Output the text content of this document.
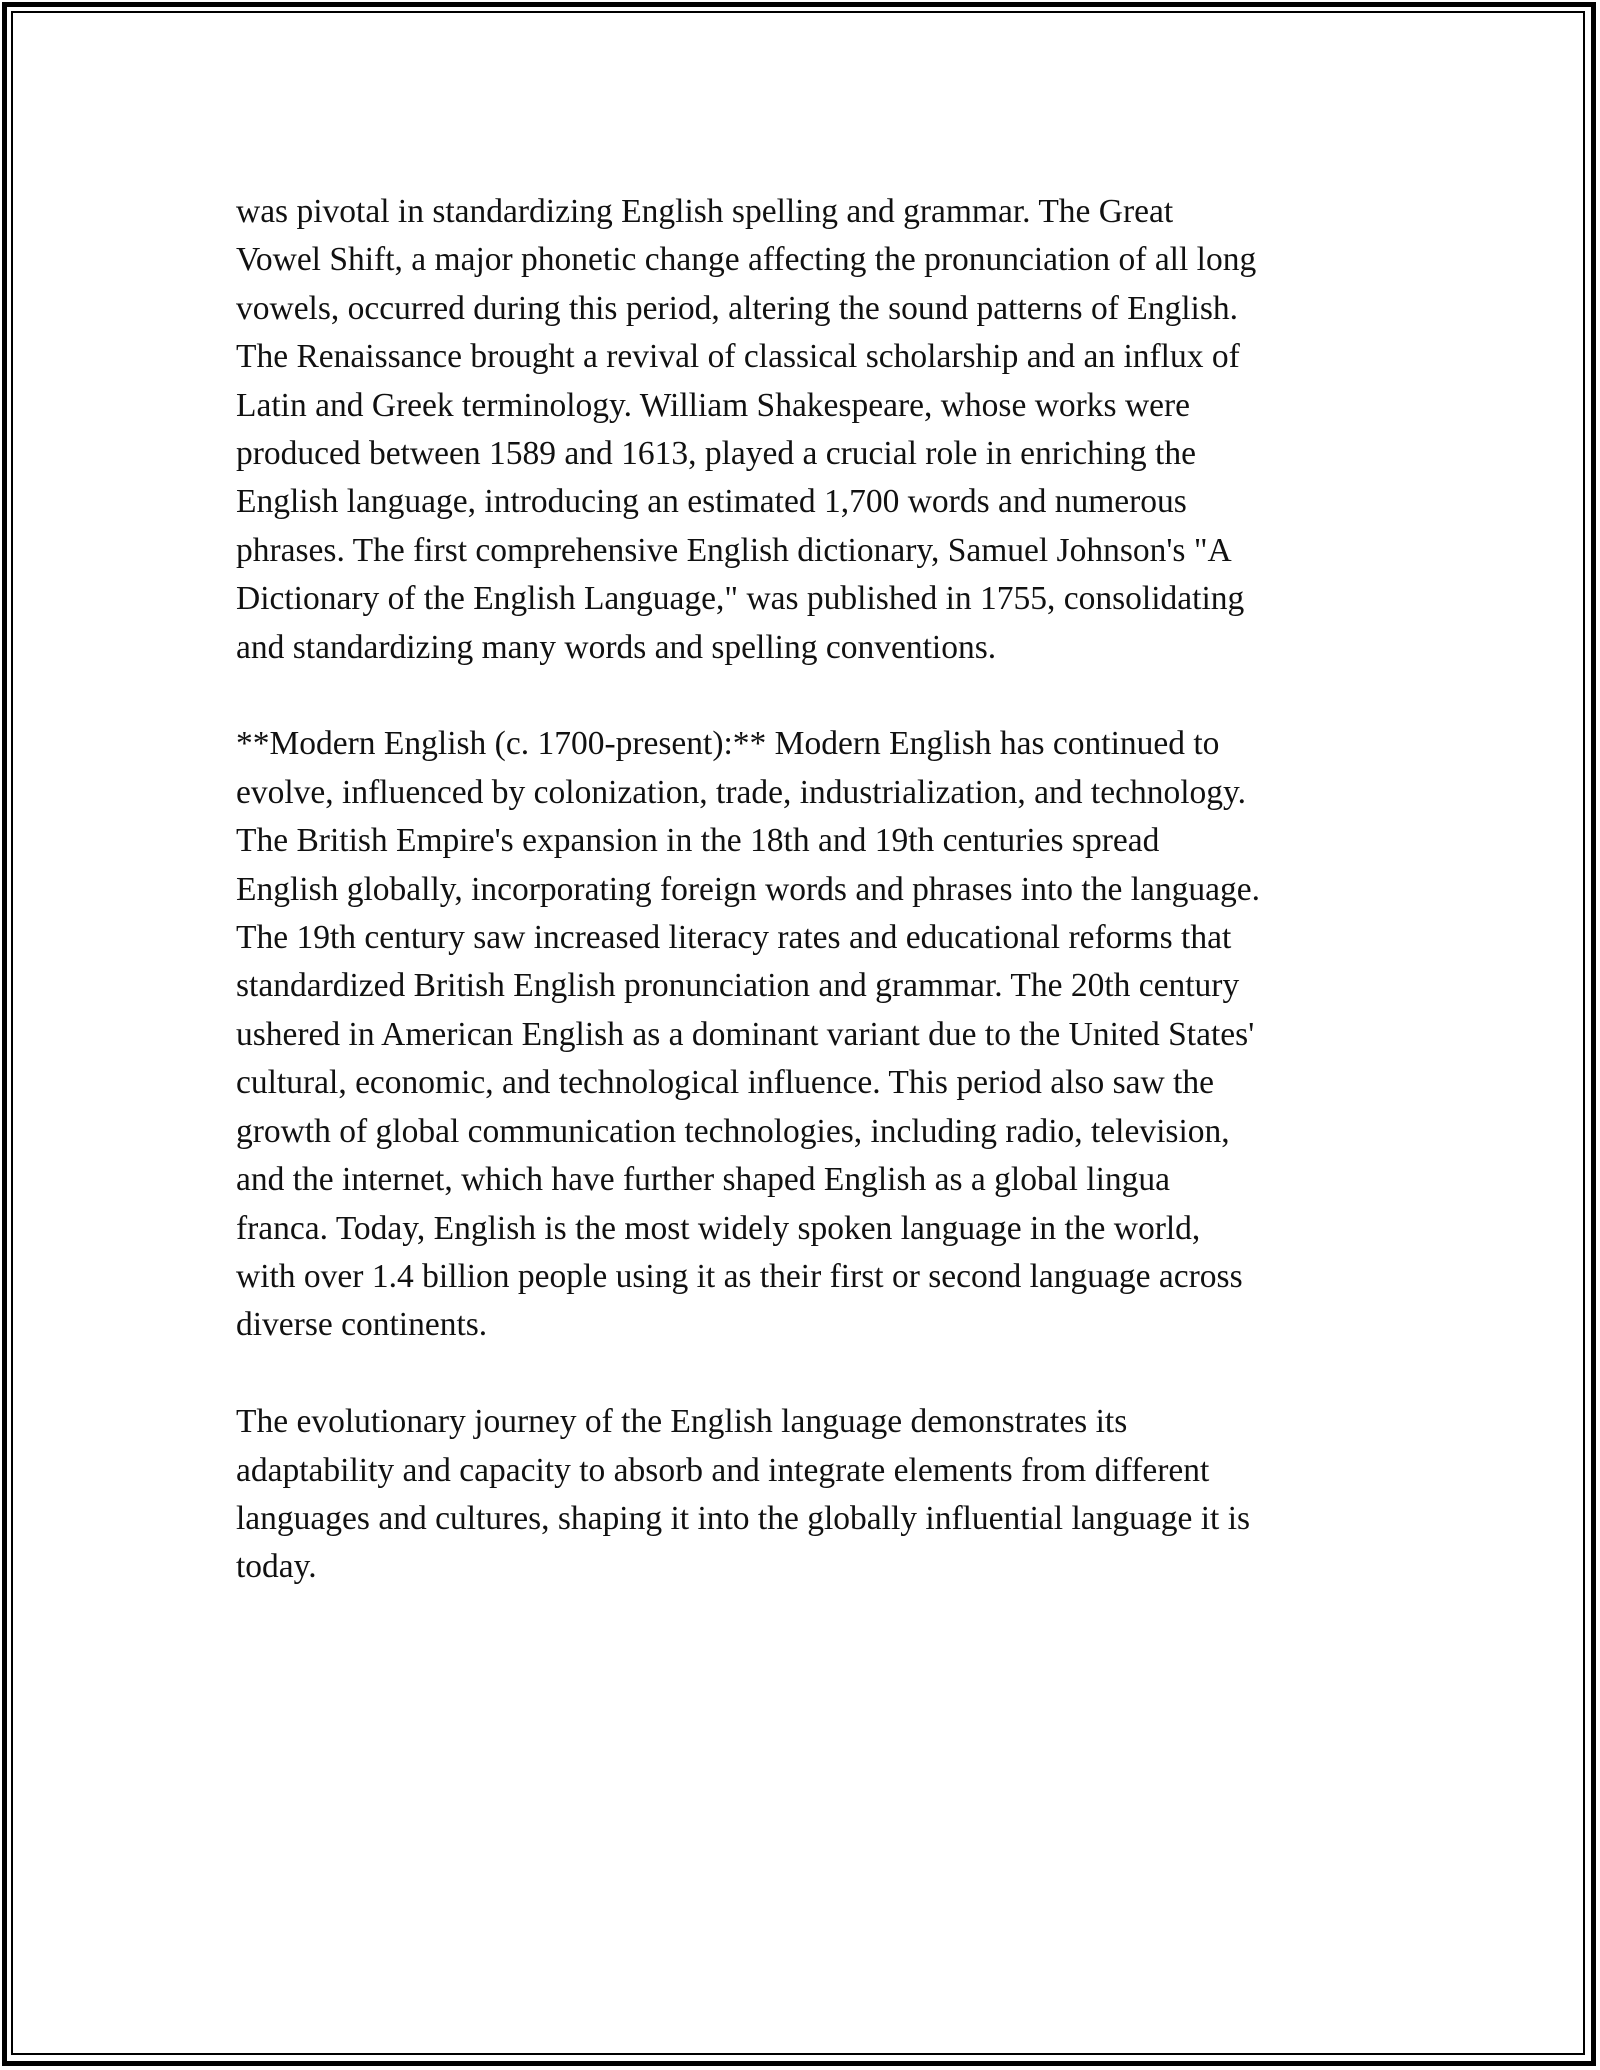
was pivotal in standardizing English spelling and grammar. The Great
Vowel Shift, a major phonetic change affecting the pronunciation of all long
vowels, occurred during this period, altering the sound patterns of English.
The Renaissance brought a revival of classical scholarship and an influx of
Latin and Greek terminology. William Shakespeare, whose works were
produced between 1589 and 1613, played a crucial role in enriching the
English language, introducing an estimated 1,700 words and numerous
phrases. The first comprehensive English dictionary, Samuel Johnson's "A
Dictionary of the English Language," was published in 1755, consolidating
and standardizing many words and spelling conventions.

**Modern English (c. 1700-present):** Modern English has continued to
evolve, influenced by colonization, trade, industrialization, and technology.
The British Empire's expansion in the 18th and 19th centuries spread
English globally, incorporating foreign words and phrases into the language.
The 19th century saw increased literacy rates and educational reforms that
standardized British English pronunciation and grammar. The 20th century
ushered in American English as a dominant variant due to the United States'
cultural, economic, and technological influence. This period also saw the
growth of global communication technologies, including radio, television,
and the internet, which have further shaped English as a global lingua
franca. Today, English is the most widely spoken language in the world,
with over 1.4 billion people using it as their first or second language across
diverse continents.

The evolutionary journey of the English language demonstrates its
adaptability and capacity to absorb and integrate elements from different
languages and cultures, shaping it into the globally influential language it is
today.
